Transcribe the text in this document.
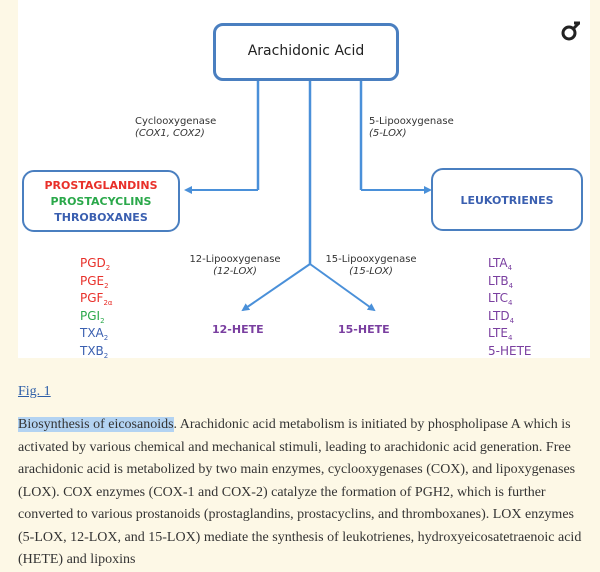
Arachidonic Acid
Cyclooxygenase
(COX1, COX2)
5-Lipooxygenase
(5-LOX)
12-Lipooxygenase
(12-LOX)
15-Lipooxygenase
(15-LOX)
PROSTAGLANDINS
PROSTACYCLINS
THROBOXANES
LEUKOTRIENES
$PGD_2$
$PGE_2$
$PGF_{2\alpha}$
$PGI_2$
$TXA_2$
$TXB_2$
$LTA_4$
$LTB_4$
$LTC_4$
$LTD_4$
$LTE_4$
5-HETE
12-HETE	15-HETE
Fig. 1
Biosynthesis of eicosanoids. Arachidonic acid metabolism is initiated by phospholipase A which is activated by various chemical and mechanical stimuli, leading to arachidonic acid generation. Free arachidonic acid is metabolized by two main enzymes, cyclooxygenases (COX), and lipoxygenases (LOX). COX enzymes (COX-1 and COX-2) catalyze the formation of PGH2, which is further converted to various prostanoids (prostaglandins, prostacyclins, and thromboxanes). LOX enzymes (5-LOX, 12-LOX, and 15-LOX) mediate the synthesis of leukotrienes, hydroxyeicosatetraenoic acid (HETE) and lipoxins
